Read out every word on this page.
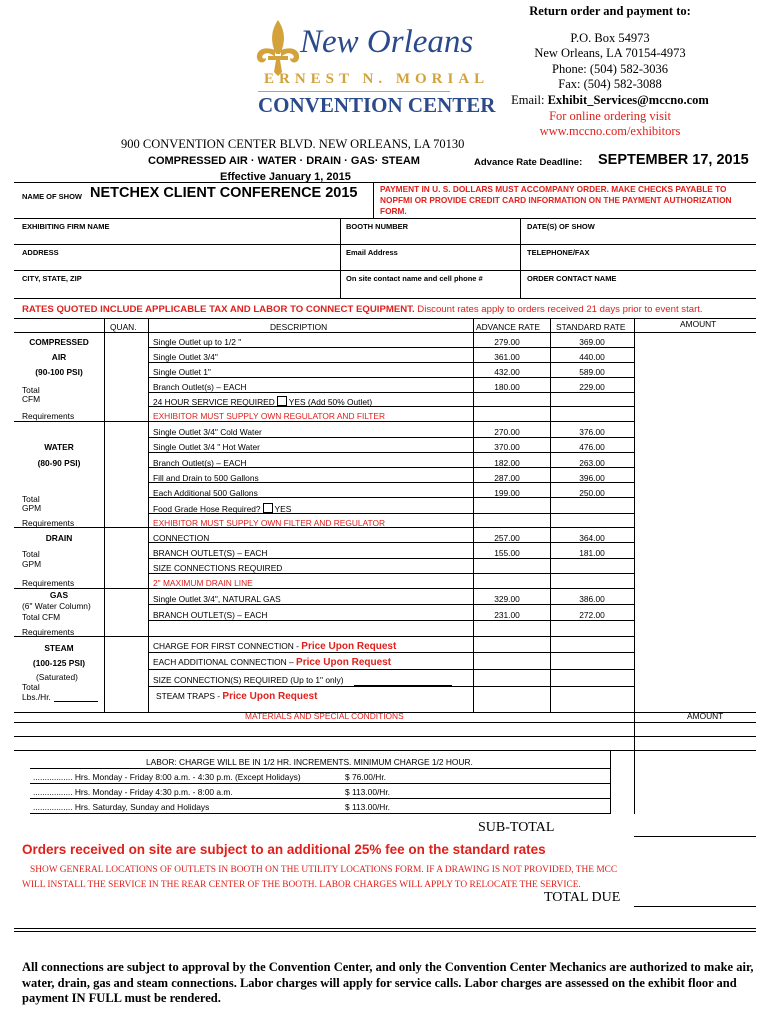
New Orleans
ERNEST N. MORIAL
CONVENTION CENTER
Return order and payment to:
P.O. Box 54973
New Orleans, LA 70154-4973
Phone: (504) 582-3036
Fax: (504) 582-3088
Email: Exhibit_Services@mccno.com
For online ordering visit
www.mccno.com/exhibitors
900 CONVENTION CENTER BLVD. NEW ORLEANS, LA 70130
COMPRESSED AIR · WATER · DRAIN · GAS· STEAM	Advance Rate Deadline: SEPTEMBER 17, 2015
Effective January 1, 2015
NAME OF SHOW NETCHEX CLIENT CONFERENCE 2015	PAYMENT IN U. S. DOLLARS MUST ACCOMPANY ORDER. MAKE CHECKS PAYABLE TO NOPFMI OR PROVIDE CREDIT CARD INFORMATION ON THE PAYMENT AUTHORIZATION FORM.
EXHIBITING FIRM NAME	BOOTH NUMBER	DATE(S) OF SHOW
ADDRESS	Email Address	TELEPHONE/FAX
CITY, STATE, ZIP	On site contact name and cell phone #	ORDER CONTACT NAME
RATES QUOTED INCLUDE APPLICABLE TAX AND LABOR TO CONNECT EQUIPMENT. Discount rates apply to orders received 21 days prior to event start.
QUAN.	DESCRIPTION	ADVANCE RATE STANDARD RATE	AMOUNT
COMPRESSED
AIR
(90-100 PSI)
Total
CFM
Requirements
Single Outlet up to 1/2 "	279.00	369.00
Single Outlet 3/4"	361.00	440.00
Single Outlet 1"	432.00	589.00
Branch Outlet(s) – EACH	180.00	229.00
24 HOUR SERVICE REQUIRED YES (Add 50% Outlet)
EXHIBITOR MUST SUPPLY OWN REGULATOR AND FILTER
WATER
(80-90 PSI)
Total
GPM
Requirements
Single Outlet 3/4" Cold Water	270.00	376.00
Single Outlet 3/4 " Hot Water	370.00	476.00
Branch Outlet(s) – EACH	182.00	263.00
Fill and Drain to 500 Gallons	287.00	396.00
Each Additional 500 Gallons	199.00	250.00
Food Grade Hose Required? YES
EXHIBITOR MUST SUPPLY OWN FILTER AND REGULATOR
DRAIN
Total
GPM
Requirements
CONNECTION	257.00	364.00
BRANCH OUTLET(S) – EACH	155.00	181.00
SIZE CONNECTIONS REQUIRED
2" MAXIMUM DRAIN LINE
GAS
(6" Water Column)
Total CFM
Requirements
Single Outlet 3/4", NATURAL GAS	329.00	386.00
BRANCH OUTLET(S) – EACH	231.00	272.00
STEAM
(100-125 PSI)
(Saturated)
Total
Lbs./Hr.
CHARGE FOR FIRST CONNECTION - Price Upon Request
EACH ADDITIONAL CONNECTION – Price Upon Request
SIZE CONNECTION(S) REQUIRED (Up to 1" only)
STEAM TRAPS - Price Upon Request
MATERIALS AND SPECIAL CONDITIONS	AMOUNT
LABOR: CHARGE WILL BE IN 1/2 HR. INCREMENTS. MINIMUM CHARGE 1/2 HOUR.
................. Hrs. Monday - Friday 8:00 a.m. - 4:30 p.m. (Except Holidays)	$ 76.00/Hr.
................. Hrs. Monday - Friday 4:30 p.m. - 8:00 a.m.	$ 113.00/Hr.
................. Hrs. Saturday, Sunday and Holidays	$ 113.00/Hr.
SUB-TOTAL
Orders received on site are subject to an additional 25% fee on the standard rates
SHOW GENERAL LOCATIONS OF OUTLETS IN BOOTH ON THE UTILITY LOCATIONS FORM. IF A DRAWING IS NOT PROVIDED, THE MCC WILL INSTALL THE SERVICE IN THE REAR CENTER OF THE BOOTH. LABOR CHARGES WILL APPLY TO RELOCATE THE SERVICE.
TOTAL DUE
All connections are subject to approval by the Convention Center, and only the Convention Center Mechanics are authorized to make air, water, drain, gas and steam connections. Labor charges will apply for service calls. Labor charges are assessed on the exhibit floor and payment IN FULL must be rendered.
